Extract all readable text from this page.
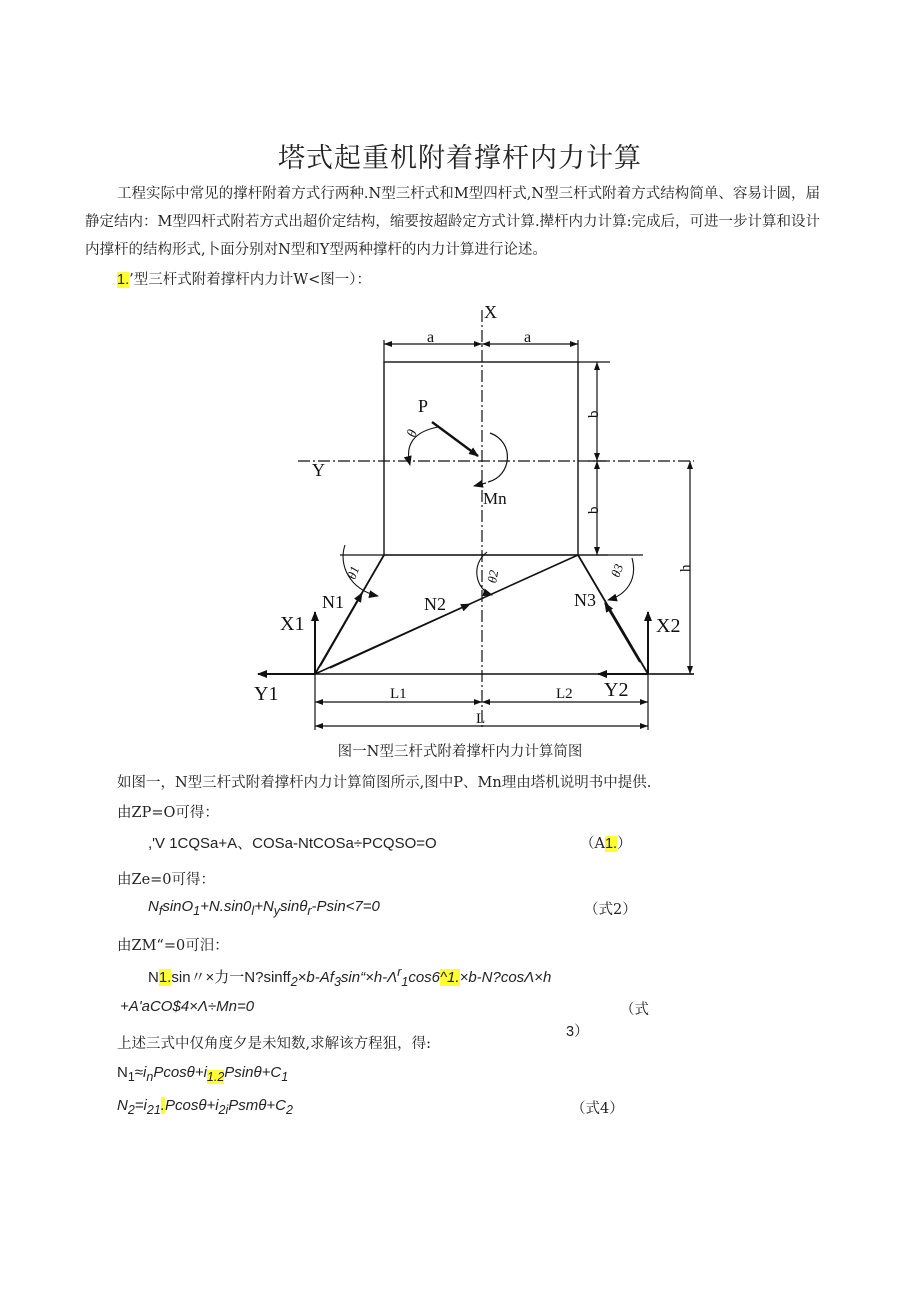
塔式起重机附着撑杆内力计算

工程实际中常见的撑杆附着方式行两种.N型三杆式和M型四杆式,N型三杆式附着方式结构简单、容易计圆，届静定结内：M型四杆式附若方式出超价定结构，缩要按超龄定方式计算.撵杆内力计算:完成后，可进一步计算和设计内撑杆的结构形式,卜面分别对N型和Y型两种撑杆的内力计算进行论述。

1.’型三杆式附着撑杆内力计W<图一）：
X
Y
a	a
b
b
h
P
θ
Mn
θ1	θ2	θ3
N1	N2	N3
X1	X2
Y1	Y2
L1	L2
L
图一N型三杆式附着撑杆内力计算简图
如图一，N型三杆式附着撑杆内力计算简图所示,图中P、Mn理由塔机说明书中提供.
由ZP=O可得：
,'V 1CQSa+A、COSa-NtCOSa÷PCQSO=O	（A1.）
由Ze=0可得：
$N_f\sin O_1+N.\sin 0_l+N_y\sin\theta_r-Psin<7=0$	（式2）
由ZM“=0可汨：
N1.sin〃×力一$N?sinff_2\times b-Af_3\sin“\times h-\Lambda^r_1\cos 6\^{}1.\times b-N?\cos\Lambda\times h$
+A'aCO$4×Λ÷Mn=0	（式
3）
上述三式中仅角度夕是未知数,求解该方程狙，得:
$N_1\approx i_nPcos\theta+i_{1.2}Psin\theta+C_1$
$N_2=i_{21}.Pcos\theta+i_{2i}Psm\theta+C_2$	（式4）
